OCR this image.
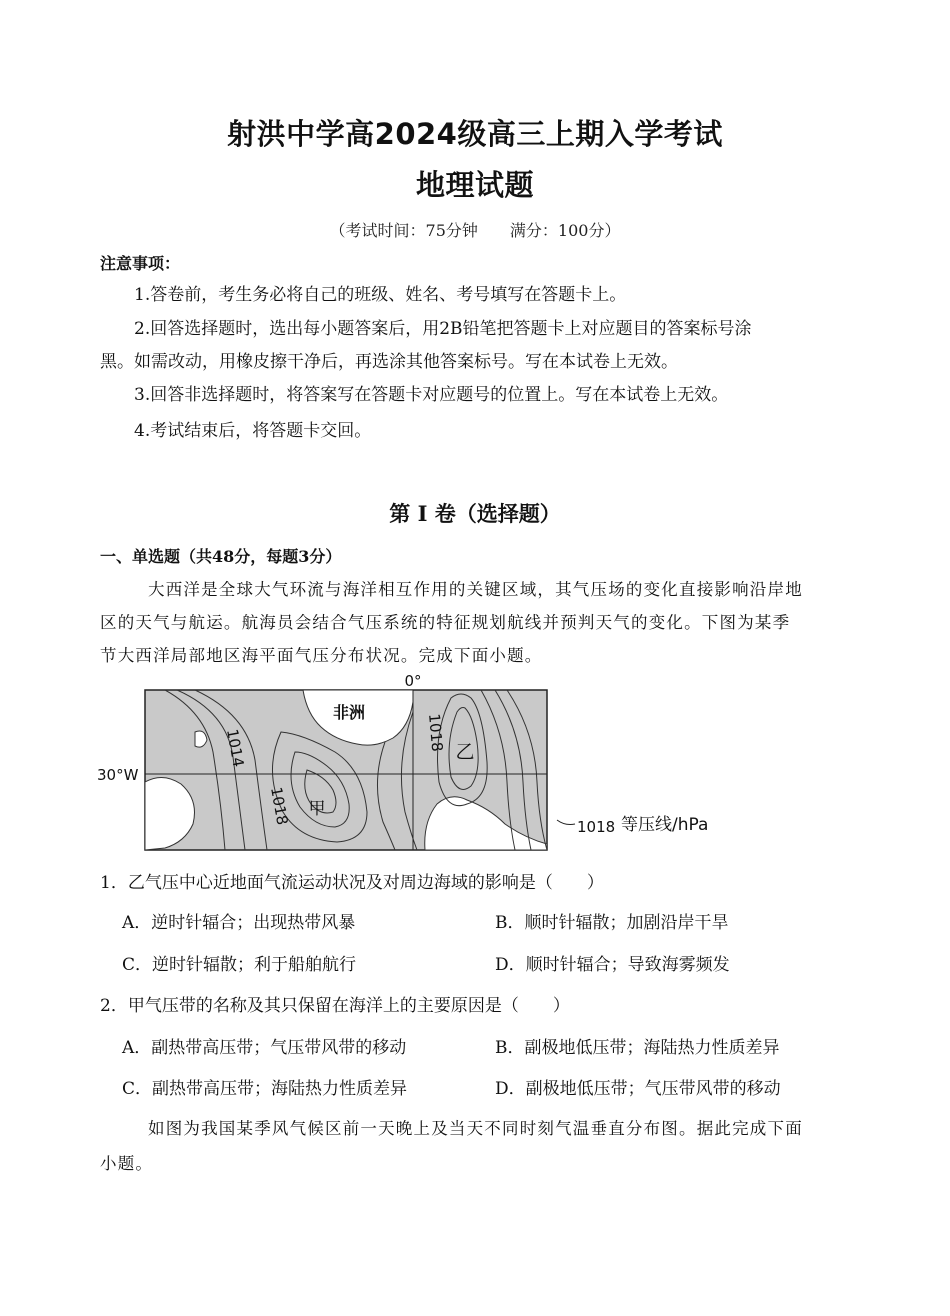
射洪中学高2024级高三上期入学考试
地理试题
（考试时间：75分钟　　满分：100分）
注意事项：
1.答卷前，考生务必将自己的班级、姓名、考号填写在答题卡上。
2.回答选择题时，选出每小题答案后，用2B铅笔把答题卡上对应题目的答案标号涂
黑。如需改动，用橡皮擦干净后，再选涂其他答案标号。写在本试卷上无效。
3.回答非选择题时，将答案写在答题卡对应题号的位置上。写在本试卷上无效。
4.考试结束后，将答题卡交回。
第 I 卷（选择题）
一、单选题（共48分，每题3分）
大西洋是全球大气环流与海洋相互作用的关键区域，其气压场的变化直接影响沿岸地
区的天气与航运。航海员会结合气压系统的特征规划航线并预判天气的变化。下图为某季
节大西洋局部地区海平面气压分布状况。完成下面小题。
0°
30°W
非洲
1014
1018
1018
甲
乙
1018 等压线/hPa
1．乙气压中心近地面气流运动状况及对周边海域的影响是（　　）
A．逆时针辐合；出现热带风暴	B．顺时针辐散；加剧沿岸干旱
C．逆时针辐散；利于船舶航行	D．顺时针辐合；导致海雾频发
2．甲气压带的名称及其只保留在海洋上的主要原因是（　　）
A．副热带高压带；气压带风带的移动	B．副极地低压带；海陆热力性质差异
C．副热带高压带；海陆热力性质差异	D．副极地低压带；气压带风带的移动
如图为我国某季风气候区前一天晚上及当天不同时刻气温垂直分布图。据此完成下面
小题。
